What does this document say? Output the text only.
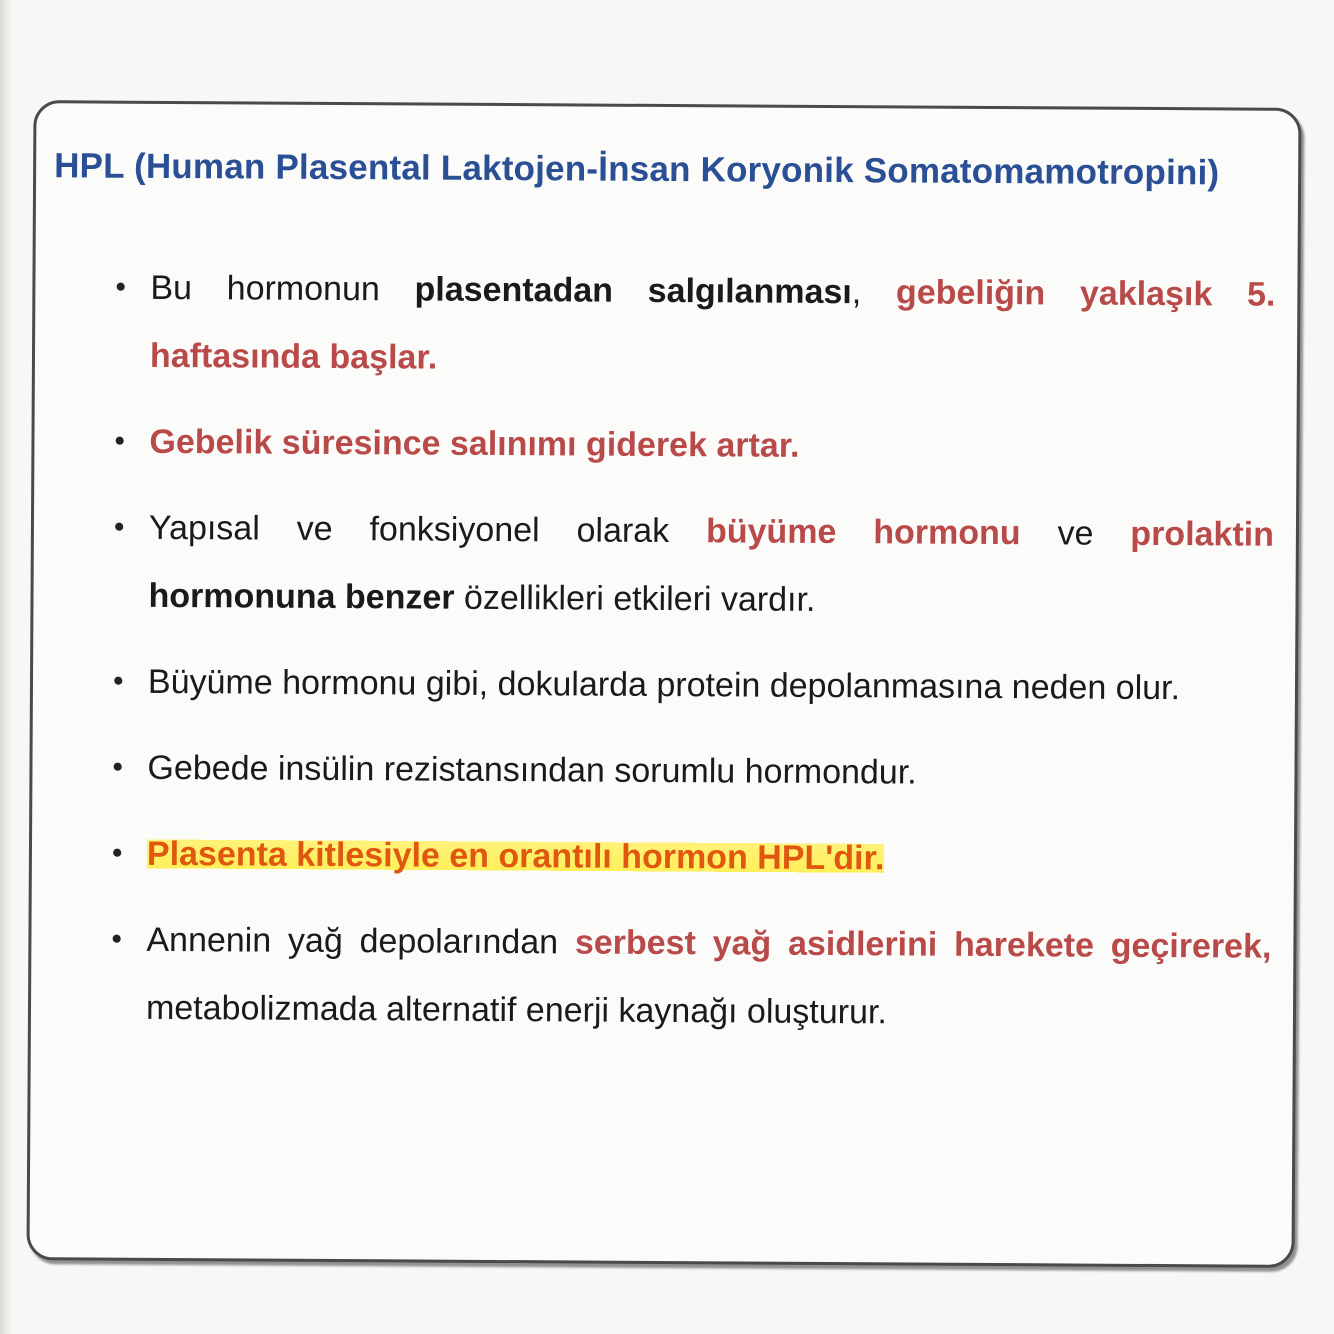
HPL (Human Plasental Laktojen-İnsan Koryonik Somatomamotropini)
• Bu hormonun plasentadan salgılanması, gebeliğin yaklaşık 5. haftasında başlar.
• Gebelik süresince salınımı giderek artar.
• Yapısal ve fonksiyonel olarak büyüme hormonu ve prolaktin hormonuna benzer özellikleri etkileri vardır.
• Büyüme hormonu gibi, dokularda protein depolanmasına neden olur.
• Gebede insülin rezistansından sorumlu hormondur.
• Plasenta kitlesiyle en orantılı hormon HPL'dir.
• Annenin yağ depolarından serbest yağ asidlerini harekete geçirerek, metabolizmada alternatif enerji kaynağı oluşturur.
